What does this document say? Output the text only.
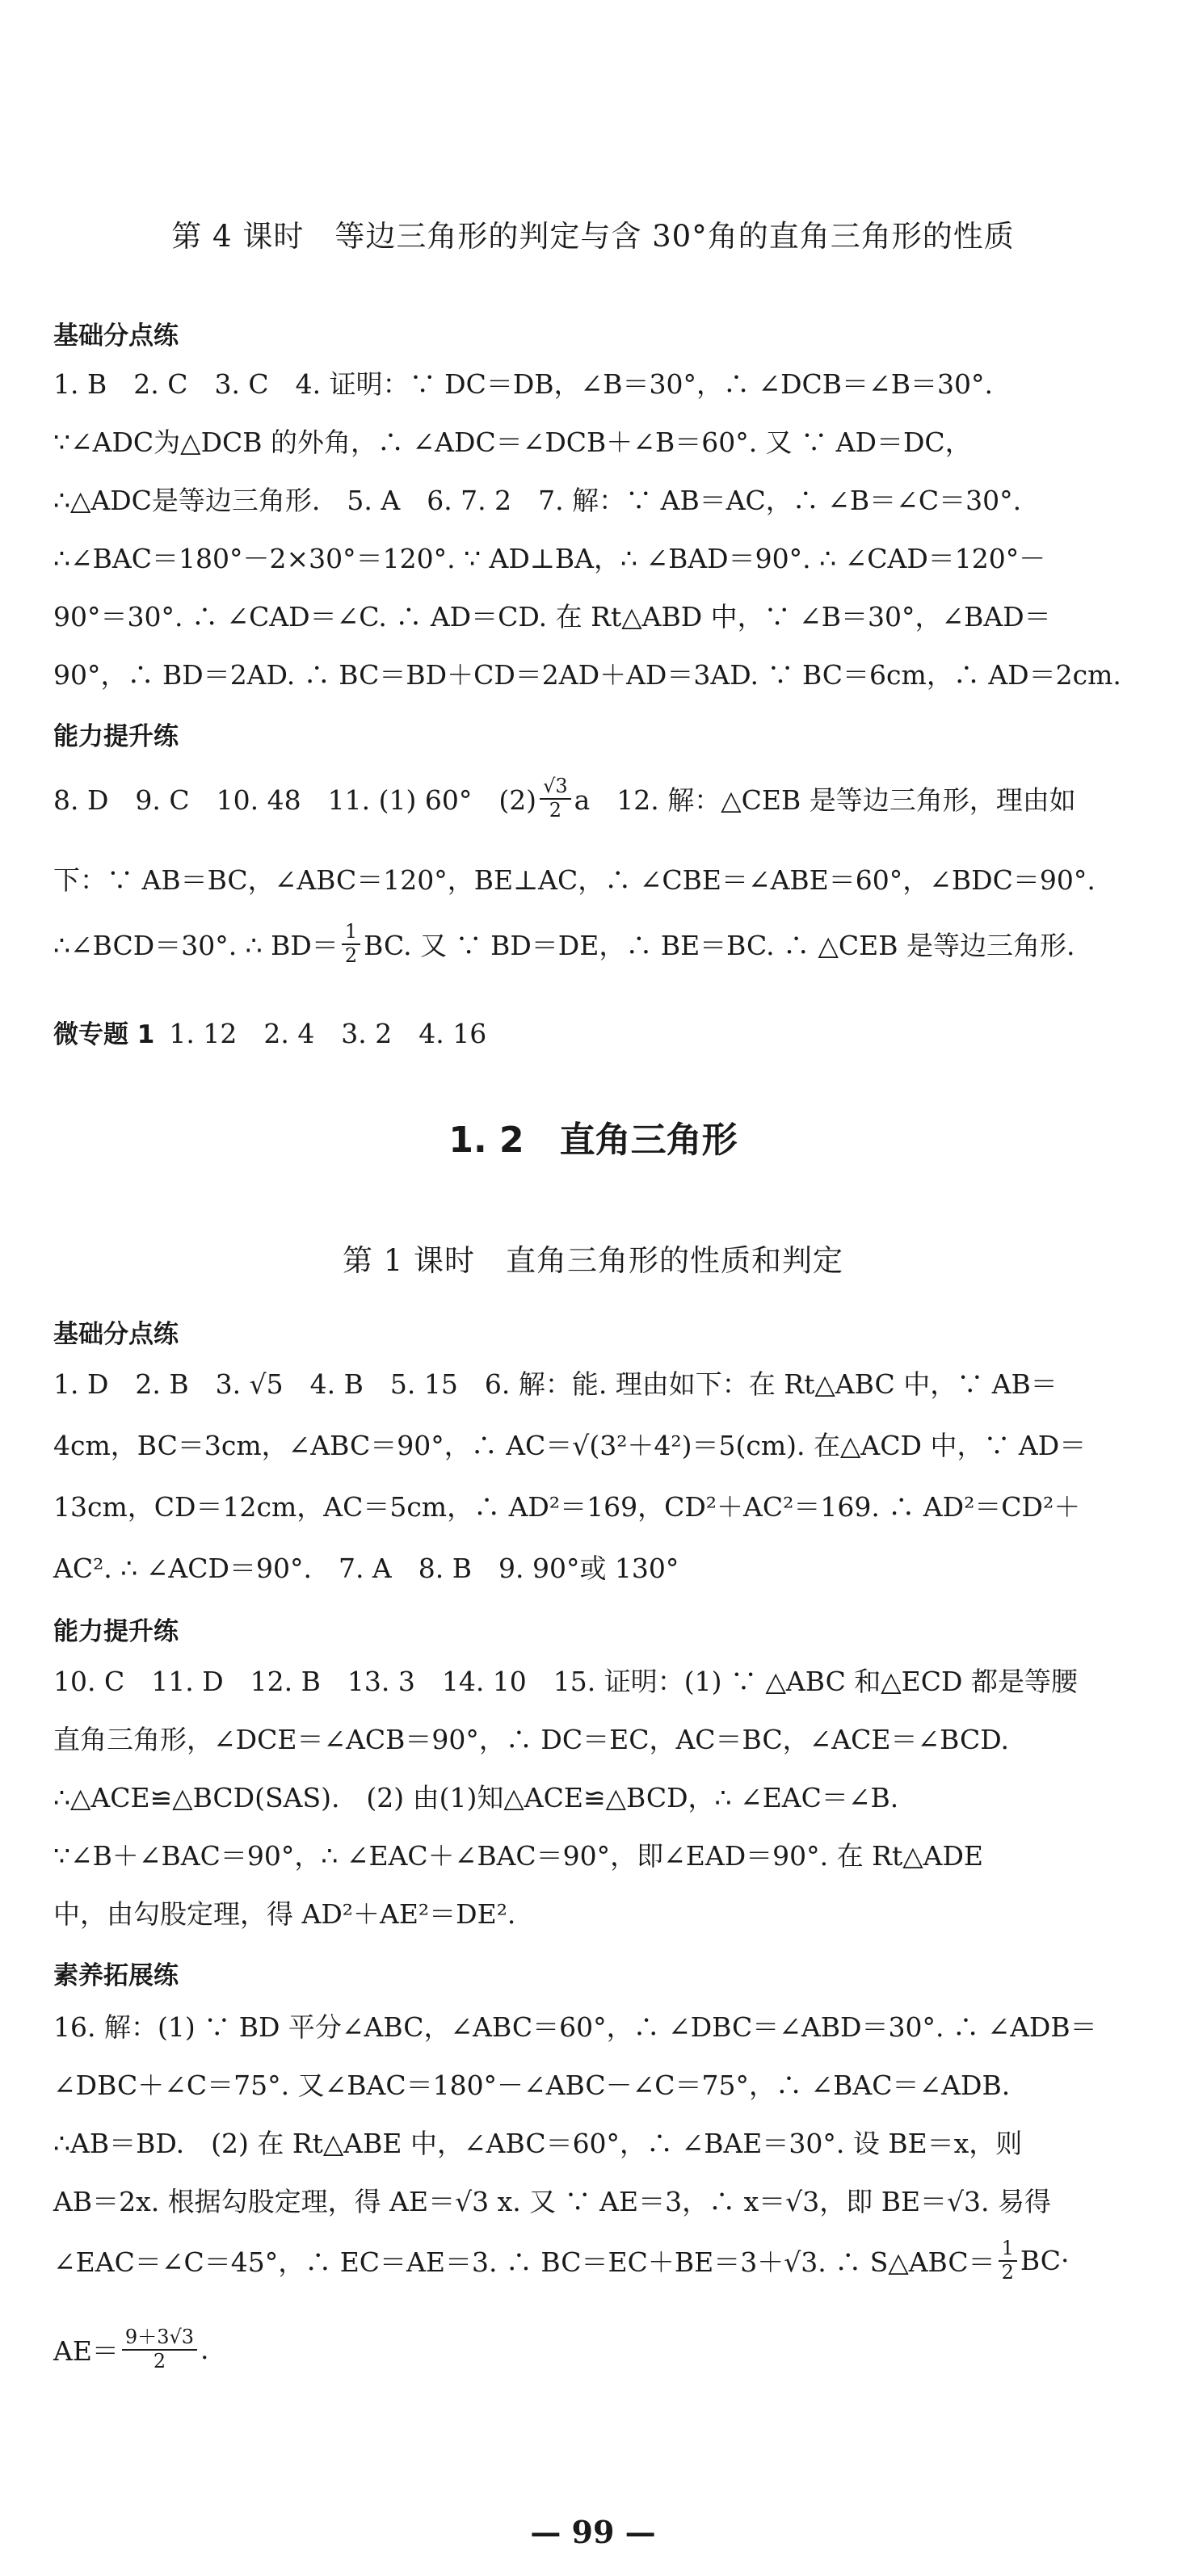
第 4 课时　等边三角形的判定与含 30°角的直角三角形的性质
基础分点练
1. B　2. C　3. C　4. 证明：∵ DC＝DB，∠B＝30°，∴ ∠DCB＝∠B＝30°.
∵∠ADC为△DCB 的外角，∴ ∠ADC＝∠DCB＋∠B＝60°. 又 ∵ AD＝DC，
∴△ADC是等边三角形.　5. A　6. 7. 2　7. 解：∵ AB＝AC，∴ ∠B＝∠C＝30°.
∴∠BAC＝180°－2×30°＝120°. ∵ AD⊥BA，∴ ∠BAD＝90°. ∴ ∠CAD＝120°－
90°＝30°. ∴ ∠CAD＝∠C. ∴ AD＝CD. 在 Rt△ABD 中，∵ ∠B＝30°，∠BAD＝
90°，∴ BD＝2AD. ∴ BC＝BD＋CD＝2AD＋AD＝3AD. ∵ BC＝6cm，∴ AD＝2cm.
能力提升练
8. D　9. C　10. 48　11. (1) 60°　$(2) \frac{√3}{2}$ a　12. 解：△CEB 是等边三角形，理由如
下：∵ AB＝BC，∠ABC＝120°，BE⊥AC，∴ ∠CBE＝∠ABE＝60°，∠BDC＝90°.
∴∠BCD＝30°. ∴ $BD= \frac{1}{2}$ BC. 又 ∵ BD＝DE，∴ BE＝BC. ∴ △CEB 是等边三角形.
微专题 1 1. 12　2. 4　3. 2　4. 16
1. 2　直角三角形
第 1 课时　直角三角形的性质和判定
基础分点练
1. D　2. B　3. √5　4. B　5. 15　6. 解：能. 理由如下：在 Rt△ABC 中，∵ AB＝
4cm，BC＝3cm，∠ABC＝90°，∴ AC＝√(3²＋4²)＝5(cm). 在△ACD 中，∵ AD＝
13cm，CD＝12cm，AC＝5cm，∴ AD²＝169，CD²＋AC²＝169. ∴ AD²＝CD²＋
AC². ∴ ∠ACD＝90°.　7. A　8. B　9. 90°或 130°
能力提升练
10. C　11. D　12. B　13. 3　14. 10　15. 证明：(1) ∵ △ABC 和△ECD 都是等腰
直角三角形，∠DCE＝∠ACB＝90°，∴ DC＝EC，AC＝BC，∠ACE＝∠BCD.
∴△ACE≌△BCD(SAS).　(2) 由(1)知△ACE≌△BCD，∴ ∠EAC＝∠B.
∵∠B＋∠BAC＝90°，∴ ∠EAC＋∠BAC＝90°，即∠EAD＝90°. 在 Rt△ADE
中，由勾股定理，得 AD²＋AE²＝DE².
素养拓展练
16. 解：(1) ∵ BD 平分∠ABC，∠ABC＝60°，∴ ∠DBC＝∠ABD＝30°. ∴ ∠ADB＝
∠DBC＋∠C＝75°. 又∠BAC＝180°－∠ABC－∠C＝75°，∴ ∠BAC＝∠ADB.
∴AB＝BD.　(2) 在 Rt△ABE 中，∠ABC＝60°，∴ ∠BAE＝30°. 设 BE＝x，则
AB＝2x. 根据勾股定理，得 AE＝√3 x. 又 ∵ AE＝3，∴ x＝√3，即 BE＝√3. 易得
∠EAC＝∠C＝45°，∴ EC＝AE＝3. ∴ BC＝EC＋BE＝3＋√3. ∴ S△ABC＝ $\frac{1}{2} BC\cdot$
$AE= \frac{9+3√3}{2}$ .
— 99 —
